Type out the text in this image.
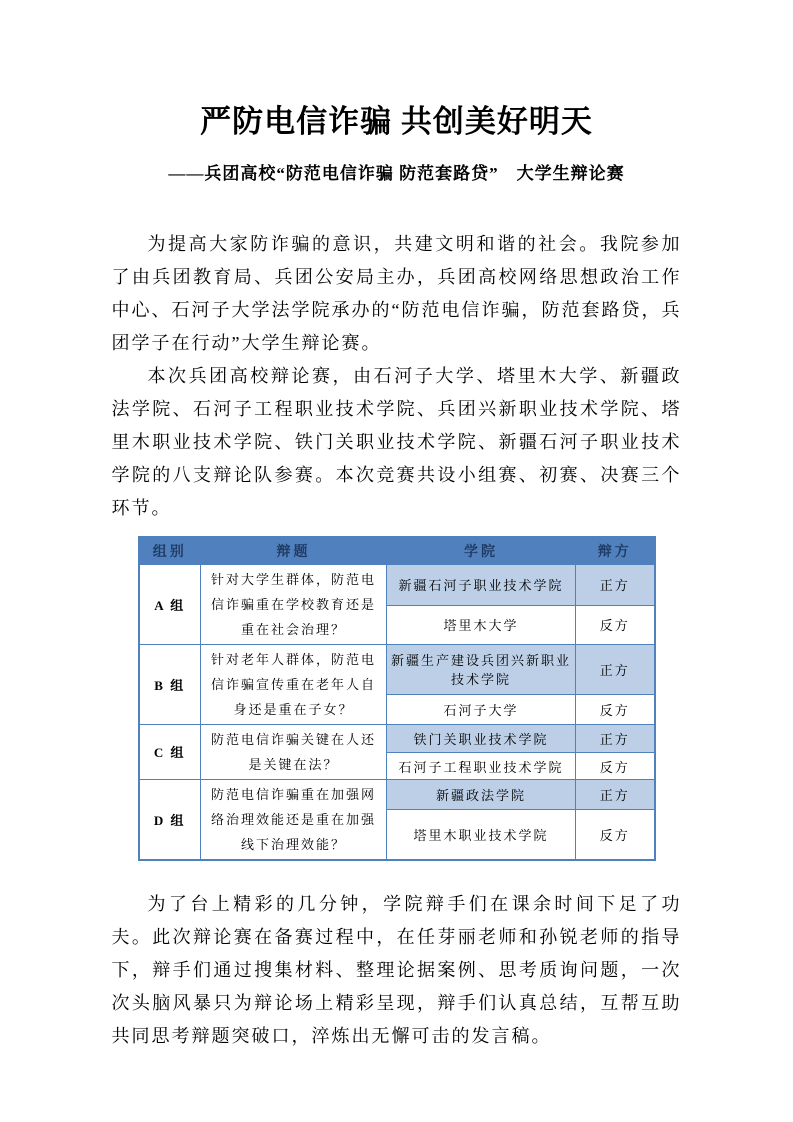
严防电信诈骗 共创美好明天
——兵团高校“防范电信诈骗 防范套路贷”　大学生辩论赛

为提高大家防诈骗的意识，共建文明和谐的社会。我院参加了由兵团教育局、兵团公安局主办，兵团高校网络思想政治工作中心、石河子大学法学院承办的“防范电信诈骗，防范套路贷，兵团学子在行动”大学生辩论赛。

本次兵团高校辩论赛，由石河子大学、塔里木大学、新疆政法学院、石河子工程职业技术学院、兵团兴新职业技术学院、塔里木职业技术学院、铁门关职业技术学院、新疆石河子职业技术学院的八支辩论队参赛。本次竞赛共设小组赛、初赛、决赛三个环节。

组别	辩题	学院	辩方
A 组	针对大学生群体，防范电信诈骗重在学校教育还是重在社会治理？	新疆石河子职业技术学院	正方
		塔里木大学	反方
B 组	针对老年人群体，防范电信诈骗宣传重在老年人自身还是重在子女？	新疆生产建设兵团兴新职业技术学院	正方
		石河子大学	反方
C 组	防范电信诈骗关键在人还是关键在法？	铁门关职业技术学院	正方
		石河子工程职业技术学院	反方
D 组	防范电信诈骗重在加强网络治理效能还是重在加强线下治理效能？	新疆政法学院	正方
		塔里木职业技术学院	反方

为了台上精彩的几分钟，学院辩手们在课余时间下足了功夫。此次辩论赛在备赛过程中，在任芽丽老师和孙锐老师的指导下，辩手们通过搜集材料、整理论据案例、思考质询问题，一次次头脑风暴只为辩论场上精彩呈现，辩手们认真总结，互帮互助共同思考辩题突破口，淬炼出无懈可击的发言稿。
